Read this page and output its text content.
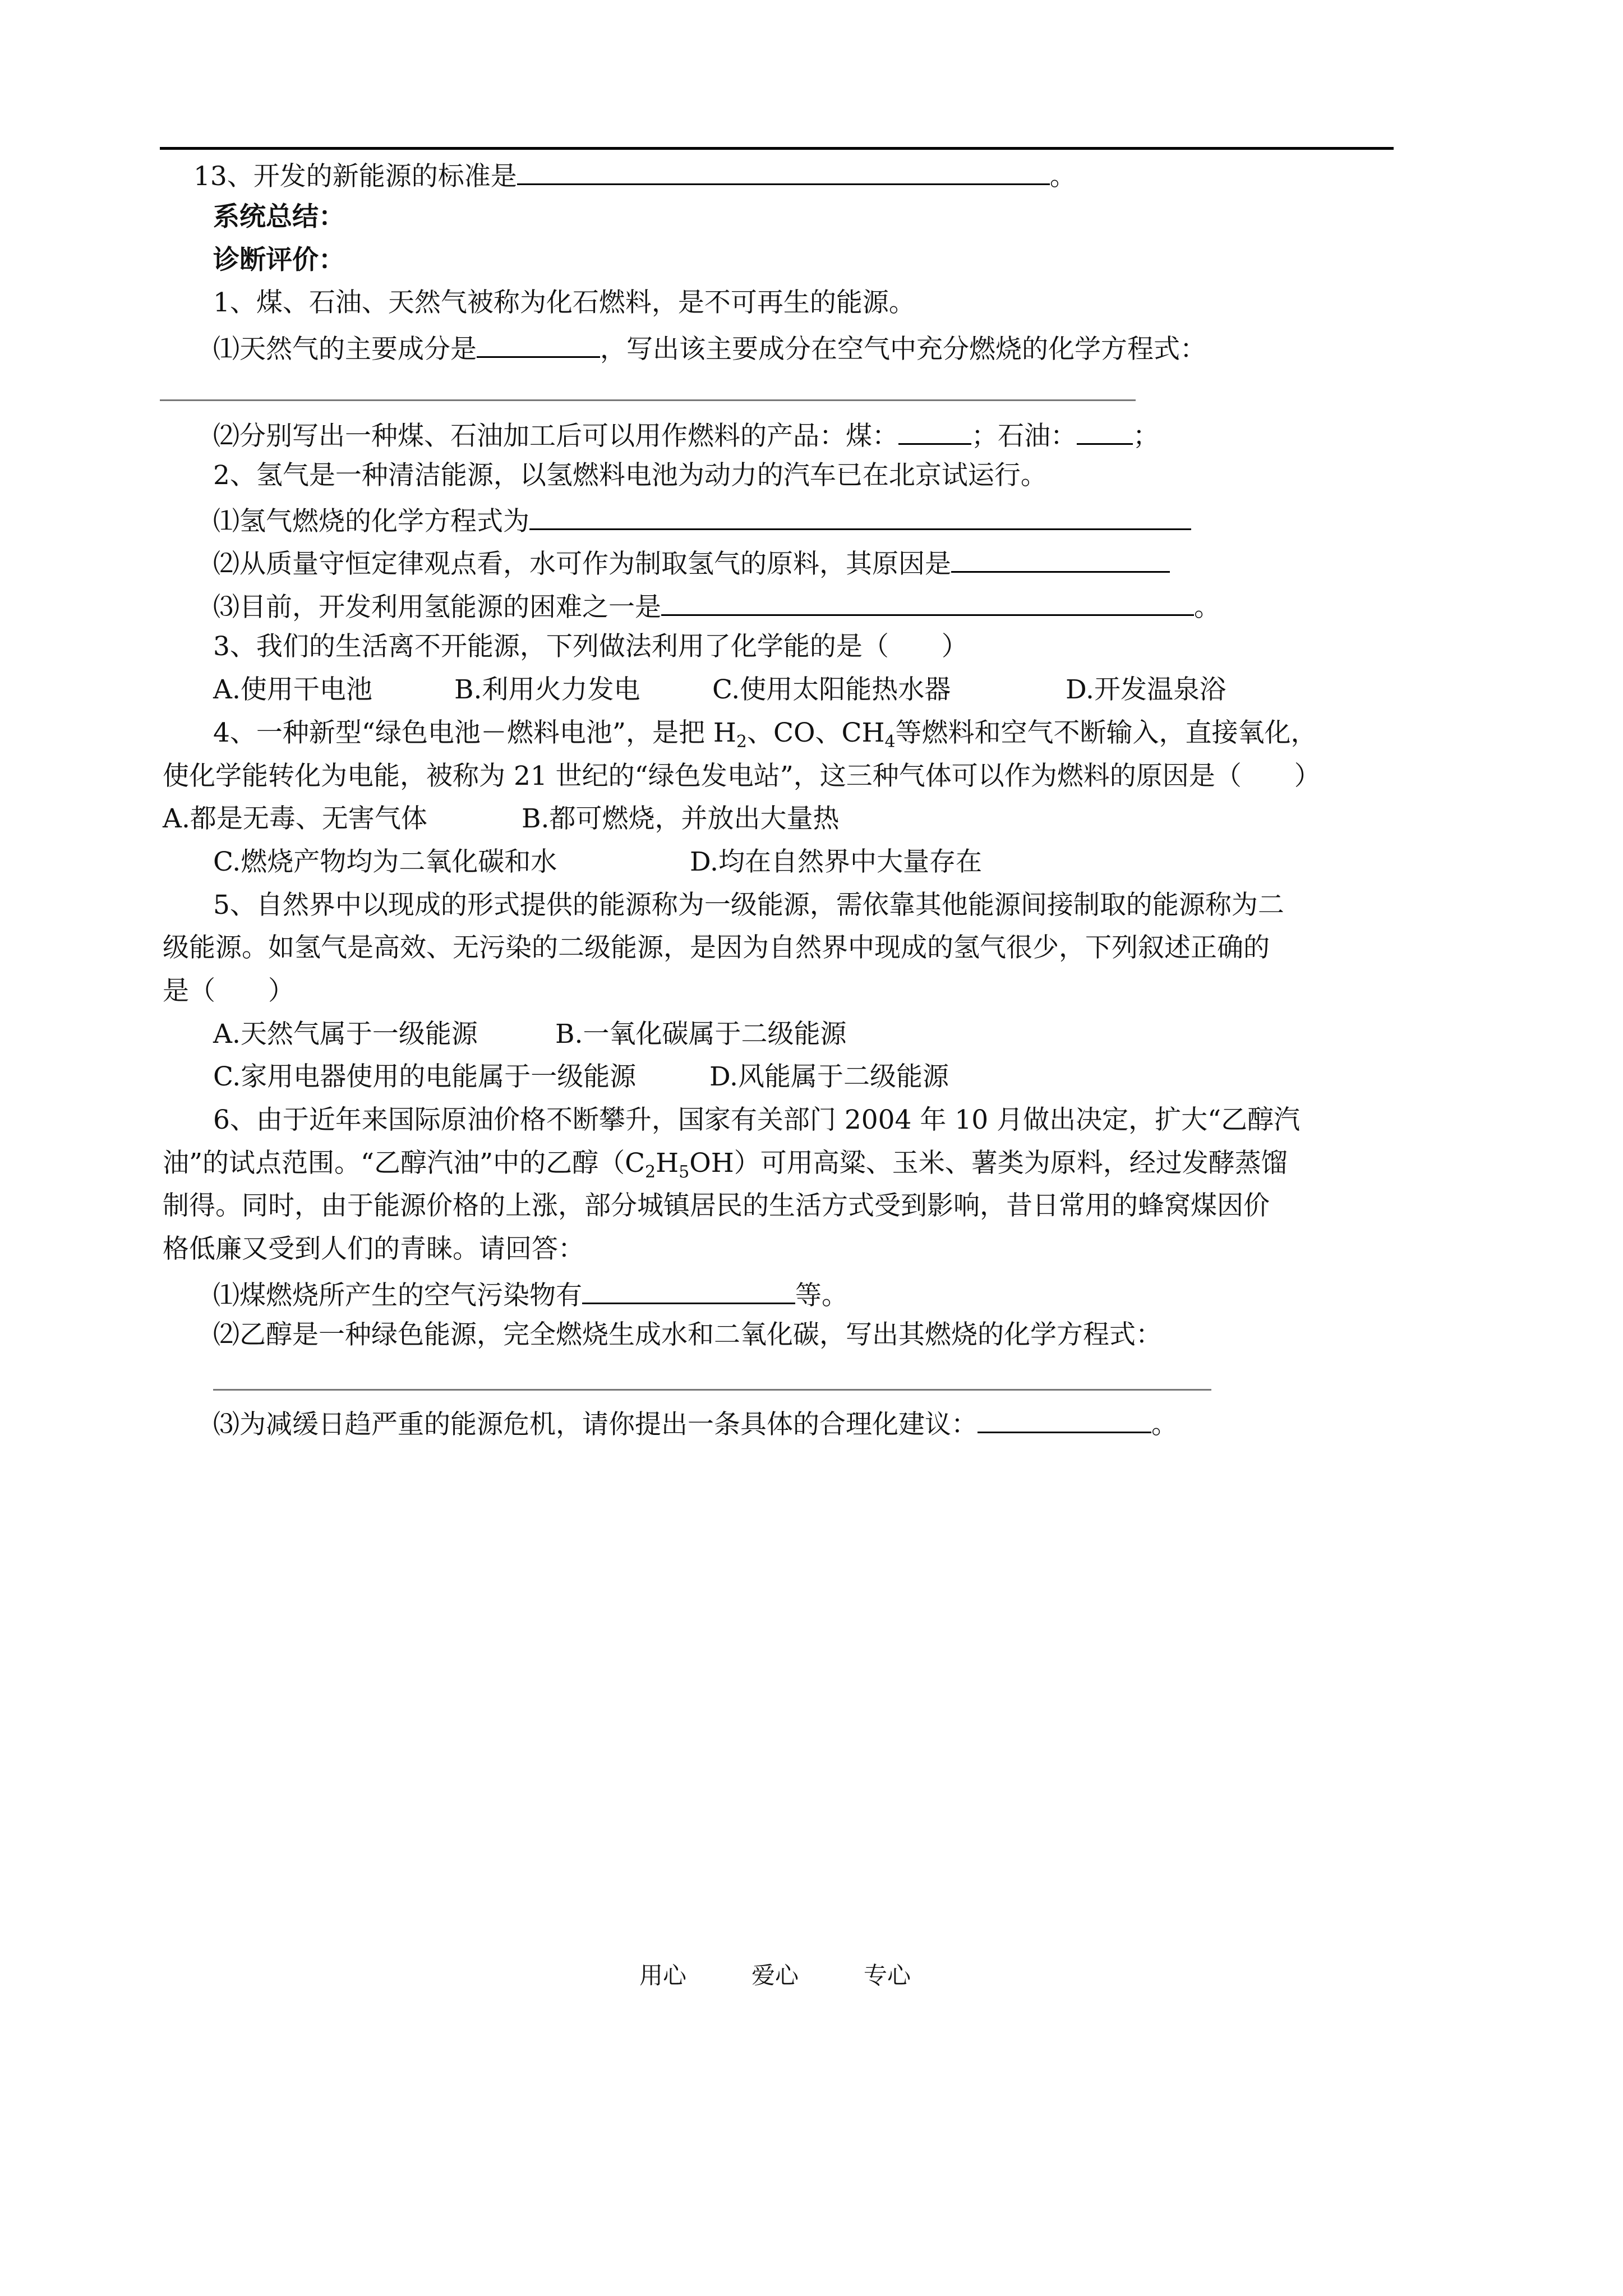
13、开发的新能源的标准是	。
系统总结：
诊断评价：
1、煤、石油、天然气被称为化石燃料，是不可再生的能源。
⑴天然气的主要成分是	，写出该主要成分在空气中充分燃烧的化学方程式：
⑵分别写出一种煤、石油加工后可以用作燃料的产品：煤：	；石油： ；
2、氢气是一种清洁能源，以氢燃料电池为动力的汽车已在北京试运行。
⑴氢气燃烧的化学方程式为
⑵从质量守恒定律观点看，水可作为制取氢气的原料，其原因是
⑶目前，开发利用氢能源的困难之一是	。
3、我们的生活离不开能源，下列做法利用了化学能的是（　　）
A.使用干电池	B.利用火力发电	C.使用太阳能热水器	D.开发温泉浴
4、一种新型“绿色电池－燃料电池”，是把 $H_2$、CO、$CH_4$等燃料和空气不断输入，直接氧化，
使化学能转化为电能，被称为 21 世纪的“绿色发电站”，这三种气体可以作为燃料的原因是（　　）
A.都是无毒、无害气体	B.都可燃烧，并放出大量热
C.燃烧产物均为二氧化碳和水	D.均在自然界中大量存在
5、自然界中以现成的形式提供的能源称为一级能源，需依靠其他能源间接制取的能源称为二
级能源。如氢气是高效、无污染的二级能源，是因为自然界中现成的氢气很少，下列叙述正确的
是（　　）
A.天然气属于一级能源	B.一氧化碳属于二级能源
C.家用电器使用的电能属于一级能源	D.风能属于二级能源
6、由于近年来国际原油价格不断攀升，国家有关部门 2004 年 10 月做出决定，扩大“乙醇汽
油”的试点范围。“乙醇汽油”中的乙醇$(C_2H_5OH)$可用高粱、玉米、薯类为原料，经过发酵蒸馏
制得。同时，由于能源价格的上涨，部分城镇居民的生活方式受到影响，昔日常用的蜂窝煤因价
格低廉又受到人们的青睐。请回答：
⑴煤燃烧所产生的空气污染物有	等。
⑵乙醇是一种绿色能源，完全燃烧生成水和二氧化碳，写出其燃烧的化学方程式：
⑶为减缓日趋严重的能源危机，请你提出一条具体的合理化建议：	。
用心	爱心	专心
